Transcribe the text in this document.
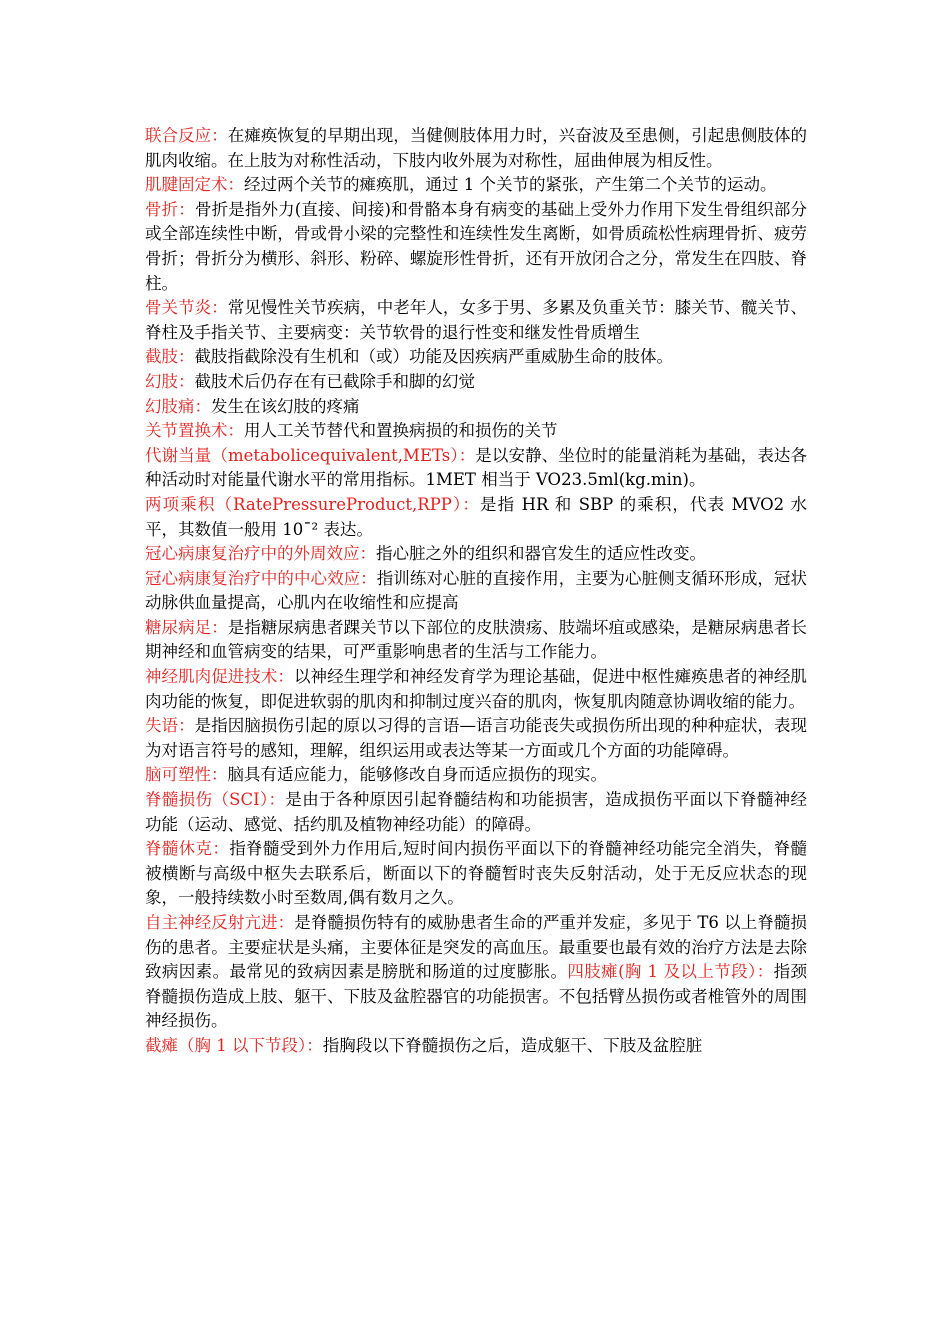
联合反应：在瘫痪恢复的早期出现，当健侧肢体用力时，兴奋波及至患侧，引起患侧肢体的肌肉收缩。在上肢为对称性活动，下肢内收外展为对称性，屈曲伸展为相反性。

肌腱固定术：经过两个关节的瘫痪肌，通过 1 个关节的紧张，产生第二个关节的运动。

骨折：骨折是指外力(直接、间接)和骨骼本身有病变的基础上受外力作用下发生骨组织部分或全部连续性中断，骨或骨小梁的完整性和连续性发生离断，如骨质疏松性病理骨折、疲劳骨折；骨折分为横形、斜形、粉碎、螺旋形性骨折，还有开放闭合之分，常发生在四肢、脊柱。

骨关节炎：常见慢性关节疾病，中老年人，女多于男、多累及负重关节：膝关节、髋关节、脊柱及手指关节、主要病变：关节软骨的退行性变和继发性骨质增生

截肢：截肢指截除没有生机和（或）功能及因疾病严重威胁生命的肢体。

幻肢：截肢术后仍存在有已截除手和脚的幻觉

幻肢痛：发生在该幻肢的疼痛

关节置换术：用人工关节替代和置换病损的和损伤的关节

代谢当量（metabolicequivalent,METs）：是以安静、坐位时的能量消耗为基础，表达各种活动时对能量代谢水平的常用指标。1MET 相当于 VO23.5ml(kg.min)。

两项乘积（RatePressureProduct,RPP）：是指 HR 和 SBP 的乘积，代表 MVO2 水平，其数值一般用 10ˉ² 表达。

冠心病康复治疗中的外周效应：指心脏之外的组织和器官发生的适应性改变。

冠心病康复治疗中的中心效应：指训练对心脏的直接作用，主要为心脏侧支循环形成，冠状动脉供血量提高，心肌内在收缩性和应提高

糖尿病足：是指糖尿病患者踝关节以下部位的皮肤溃疡、肢端坏疽或感染，是糖尿病患者长期神经和血管病变的结果，可严重影响患者的生活与工作能力。

神经肌肉促进技术：以神经生理学和神经发育学为理论基础，促进中枢性瘫痪患者的神经肌肉功能的恢复，即促进软弱的肌肉和抑制过度兴奋的肌肉，恢复肌肉随意协调收缩的能力。

失语：是指因脑损伤引起的原以习得的言语—语言功能丧失或损伤所出现的种种症状，表现为对语言符号的感知，理解，组织运用或表达等某一方面或几个方面的功能障碍。

脑可塑性：脑具有适应能力，能够修改自身而适应损伤的现实。

脊髓损伤（SCI）：是由于各种原因引起脊髓结构和功能损害，造成损伤平面以下脊髓神经功能（运动、感觉、括约肌及植物神经功能）的障碍。

脊髓休克：指脊髓受到外力作用后,短时间内损伤平面以下的脊髓神经功能完全消失，脊髓被横断与高级中枢失去联系后，断面以下的脊髓暂时丧失反射活动，处于无反应状态的现象，一般持续数小时至数周,偶有数月之久。

自主神经反射亢进：是脊髓损伤特有的威胁患者生命的严重并发症，多见于 T6 以上脊髓损伤的患者。主要症状是头痛，主要体征是突发的高血压。最重要也最有效的治疗方法是去除致病因素。最常见的致病因素是膀胱和肠道的过度膨胀。四肢瘫(胸 1 及以上节段）：指颈脊髓损伤造成上肢、躯干、下肢及盆腔器官的功能损害。不包括臂丛损伤或者椎管外的周围神经损伤。

截瘫（胸 1 以下节段）：指胸段以下脊髓损伤之后，造成躯干、下肢及盆腔脏
